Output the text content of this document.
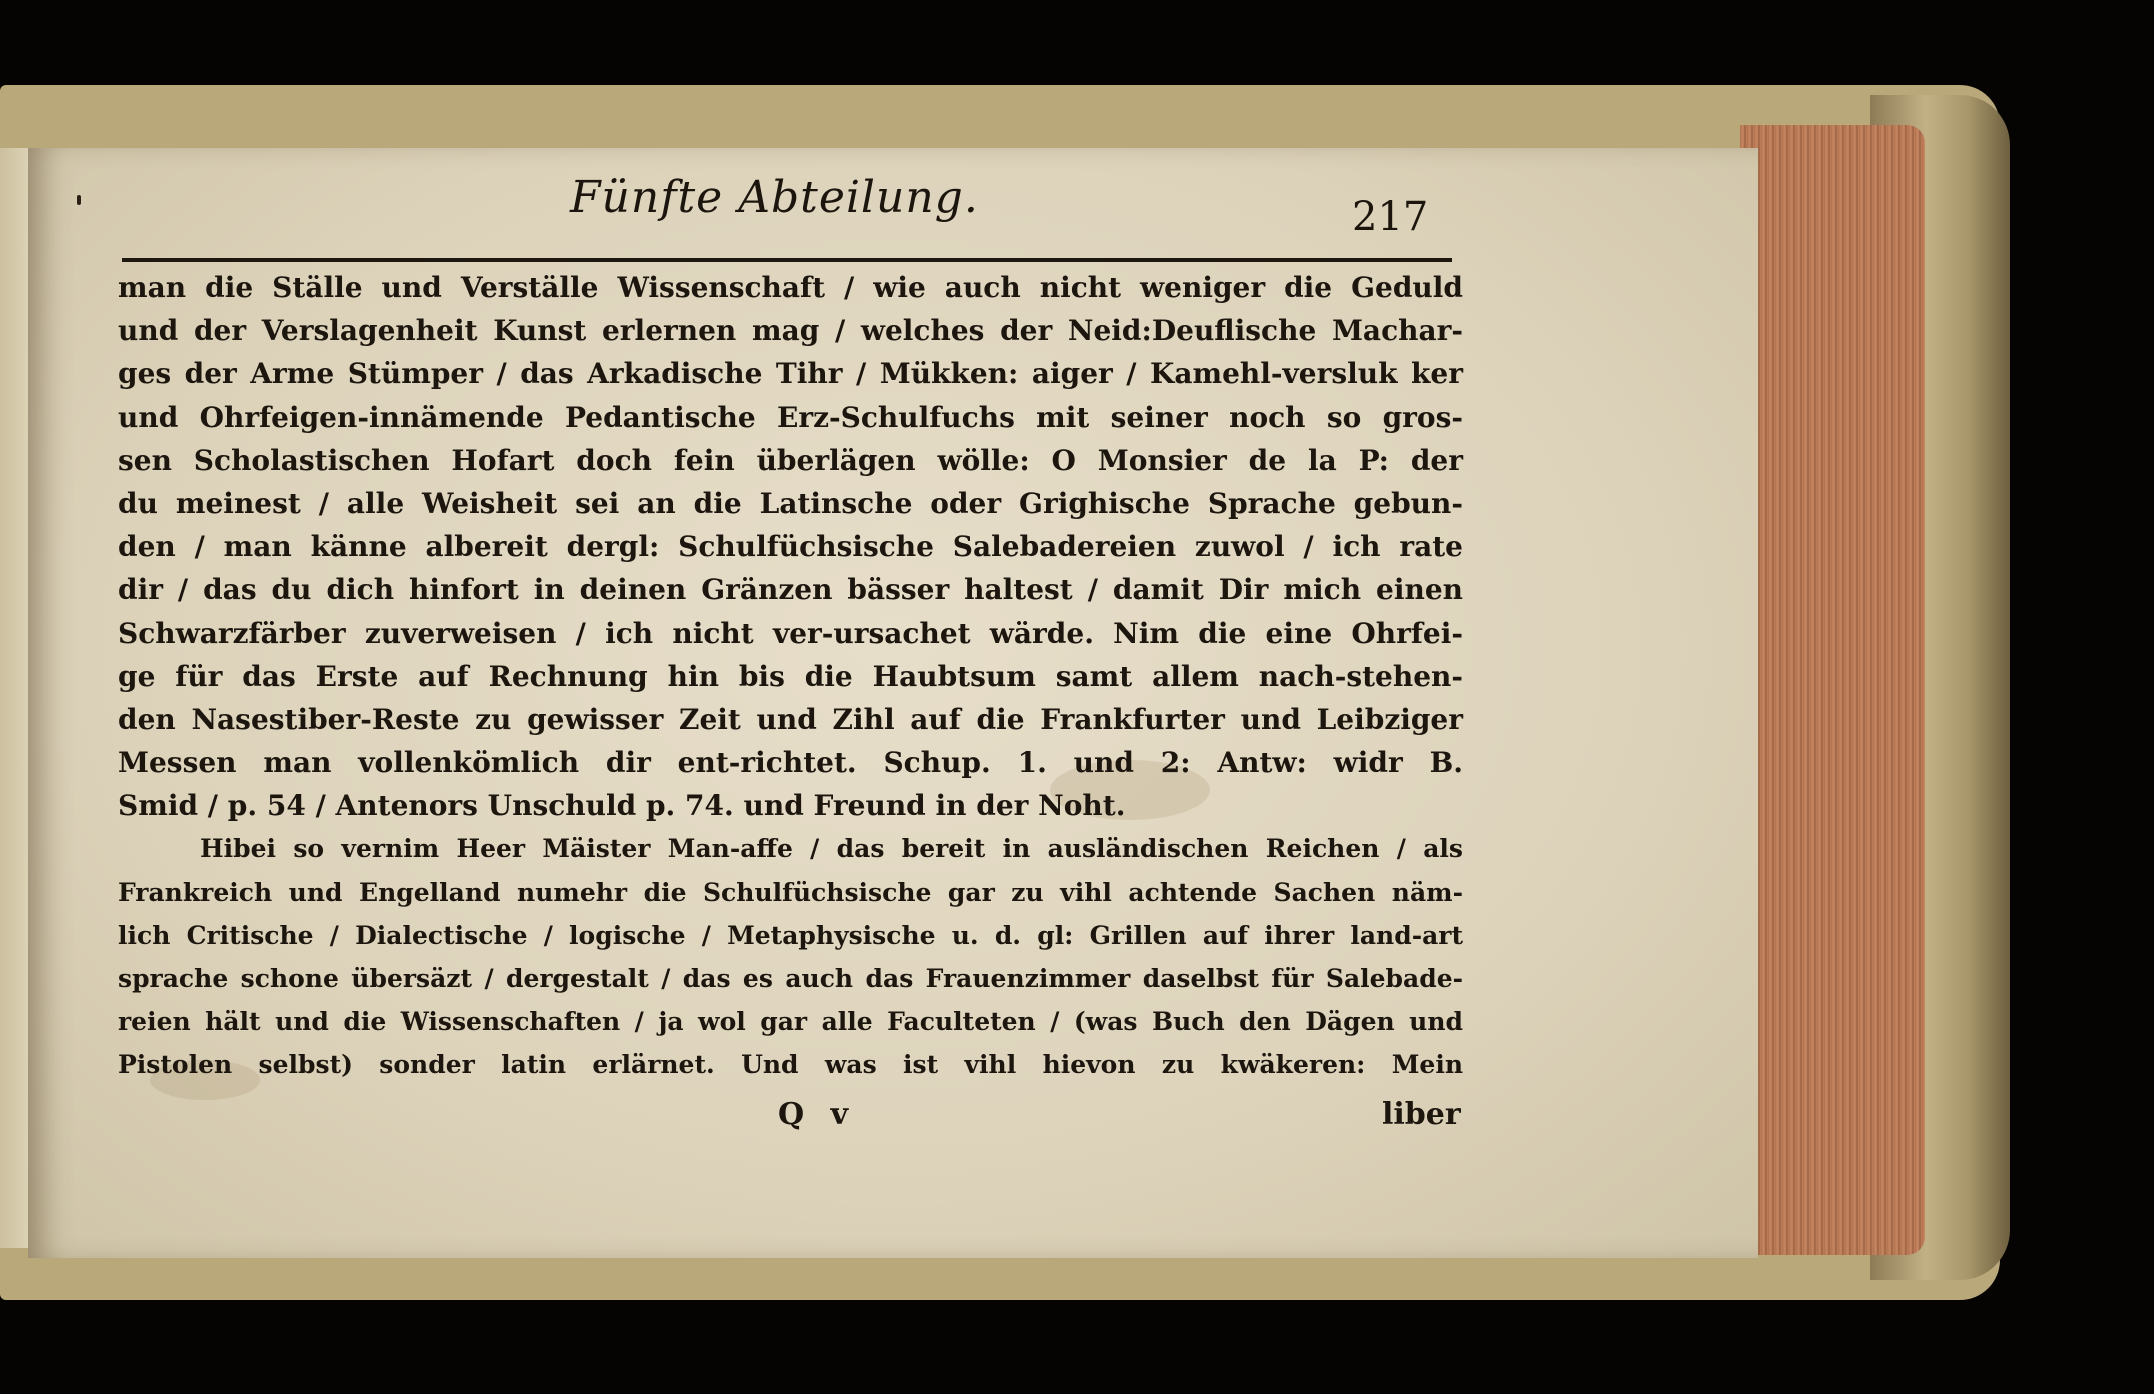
Fünfte Abteilung.	217
man die Ställe und Verställe Wissenschaft / wie auch nicht weniger die Geduld
und der Verslagenheit Kunst erlernen mag / welches der Neid:Deuflische Machar-
ges der Arme Stümper / das Arkadische Tihr / Mükken: aiger / Kamehl-versluk ker
und Ohrfeigen-innämende Pedantische Erz-Schulfuchs mit seiner noch so gros-
sen Scholastischen Hofart doch fein überlägen wölle: O Monsier de la P: der
du meinest / alle Weisheit sei an die Latinsche oder Grighische Sprache gebun-
den / man känne albereit dergl: Schulfüchsische Salebadereien zuwol / ich rate
dir / das du dich hinfort in deinen Gränzen bässer haltest / damit Dir mich einen
Schwarzfärber zuverweisen / ich nicht ver-ursachet wärde. Nim die eine Ohrfei-
ge für das Erste auf Rechnung hin bis die Haubtsum samt allem nach-stehen-
den Nasestiber-Reste zu gewisser Zeit und Zihl auf die Frankfurter und Leibziger
Messen man vollenkömlich dir ent-richtet. Schup. 1. und 2: Antw: widr B.
Smid / p. 54 / Antenors Unschuld p. 74. und Freund in der Noht.
Hibei so vernim Heer Mäister Man-affe / das bereit in ausländischen Reichen / als
Frankreich und Engelland numehr die Schulfüchsische gar zu vihl achtende Sachen näm-
lich Critische / Dialectische / logische / Metaphysische u. d. gl: Grillen auf ihrer land-art
sprache schone übersäzt / dergestalt / das es auch das Frauenzimmer daselbst für Salebade-
reien hält und die Wissenschaften / ja wol gar alle Faculteten / (was Buch den Dägen und
Pistolen selbst) sonder latin erlärnet. Und was ist vihl hievon zu kwäkeren: Mein
Q v	liber
